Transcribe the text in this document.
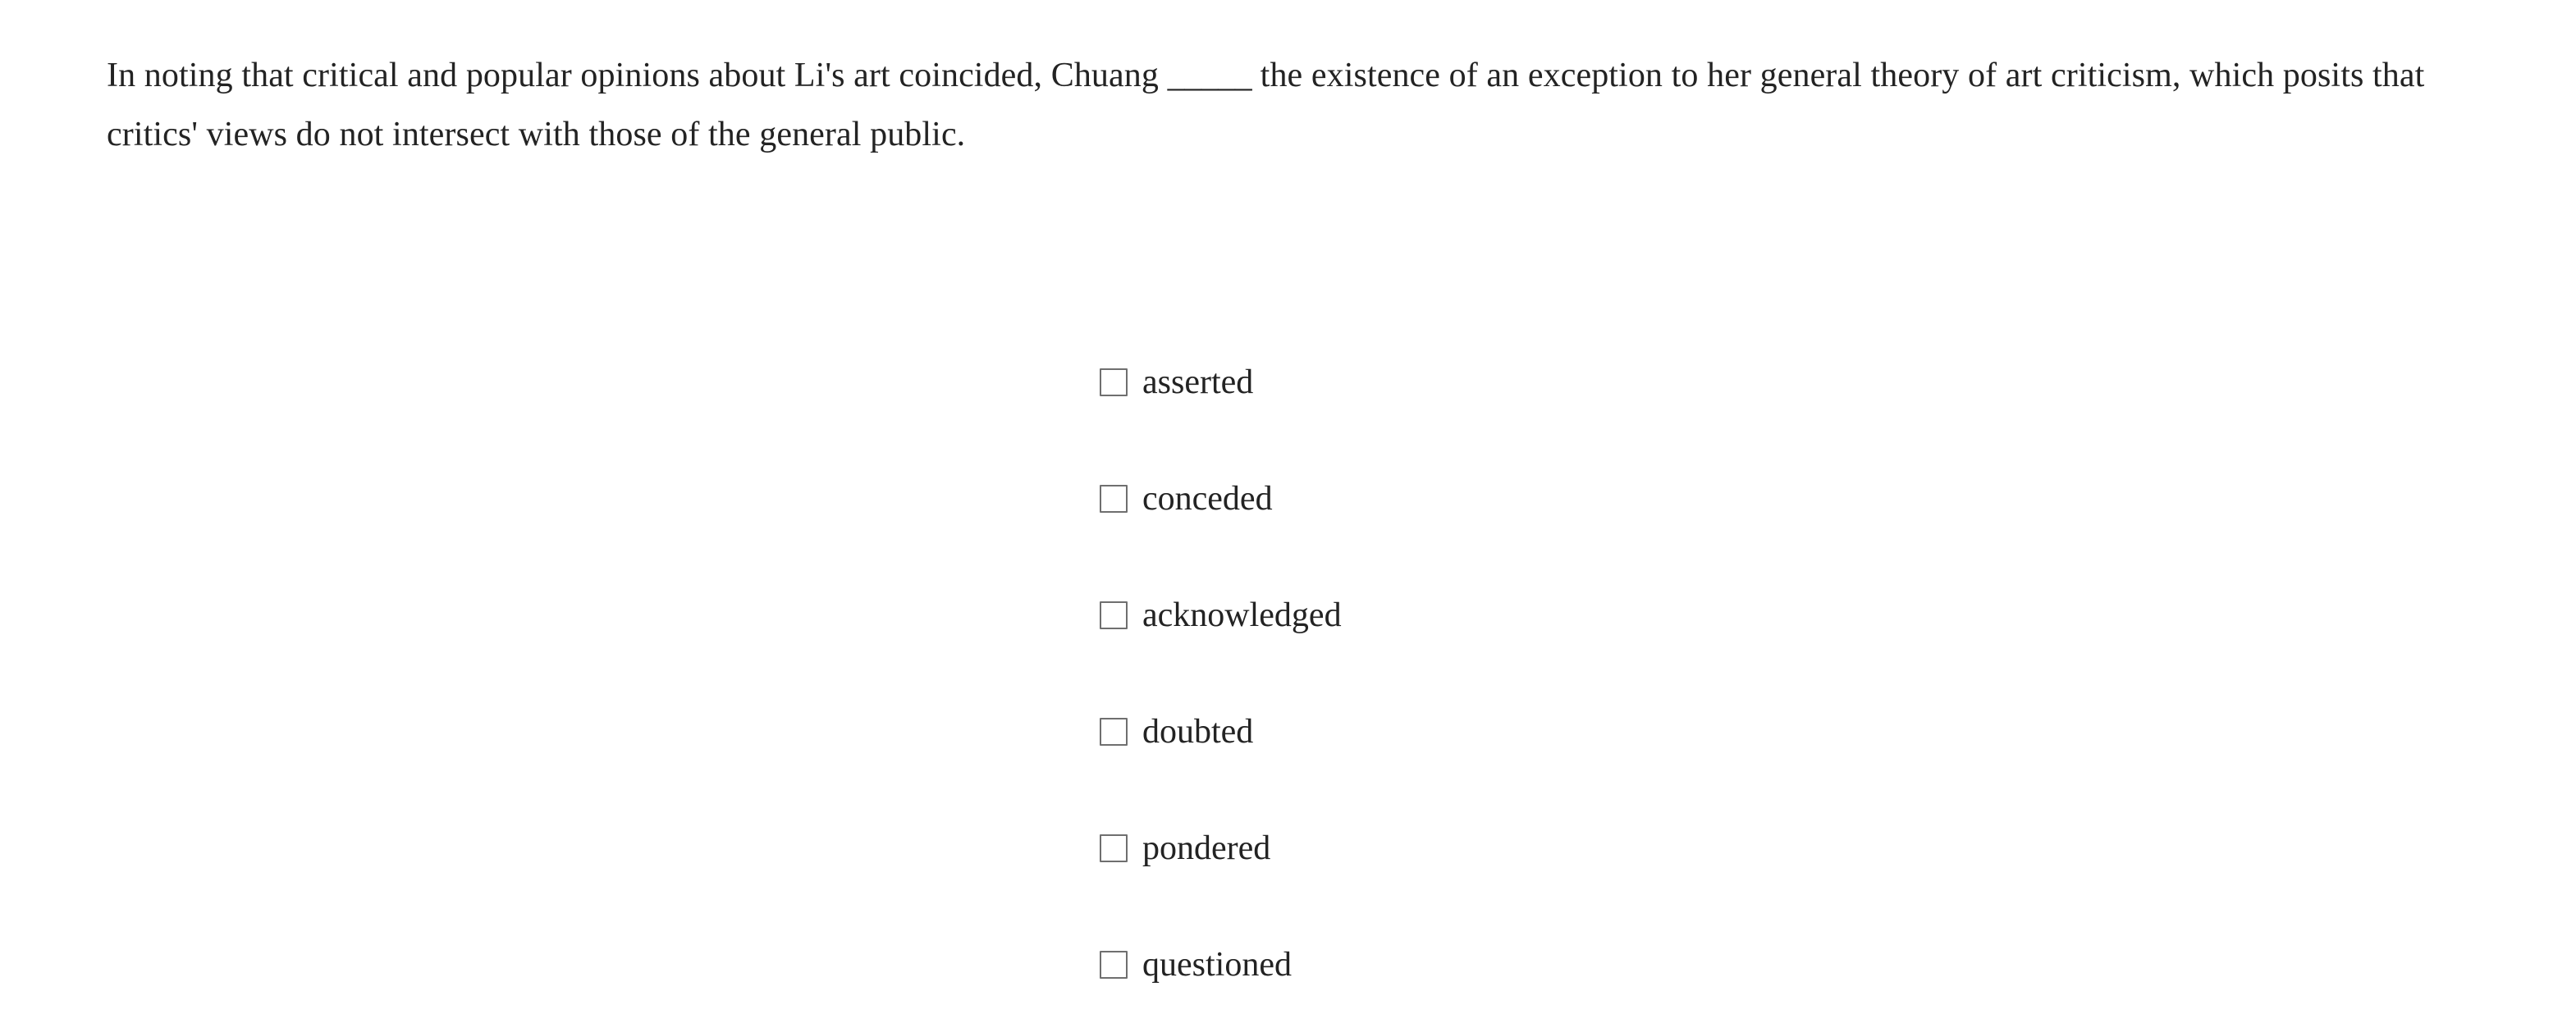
In noting that critical and popular opinions about Li's art coincided, Chuang _____ the existence of an exception to her general theory of art criticism, which posits that critics' views do not intersect with those of the general public.

asserted
conceded
acknowledged
doubted
pondered
questioned
